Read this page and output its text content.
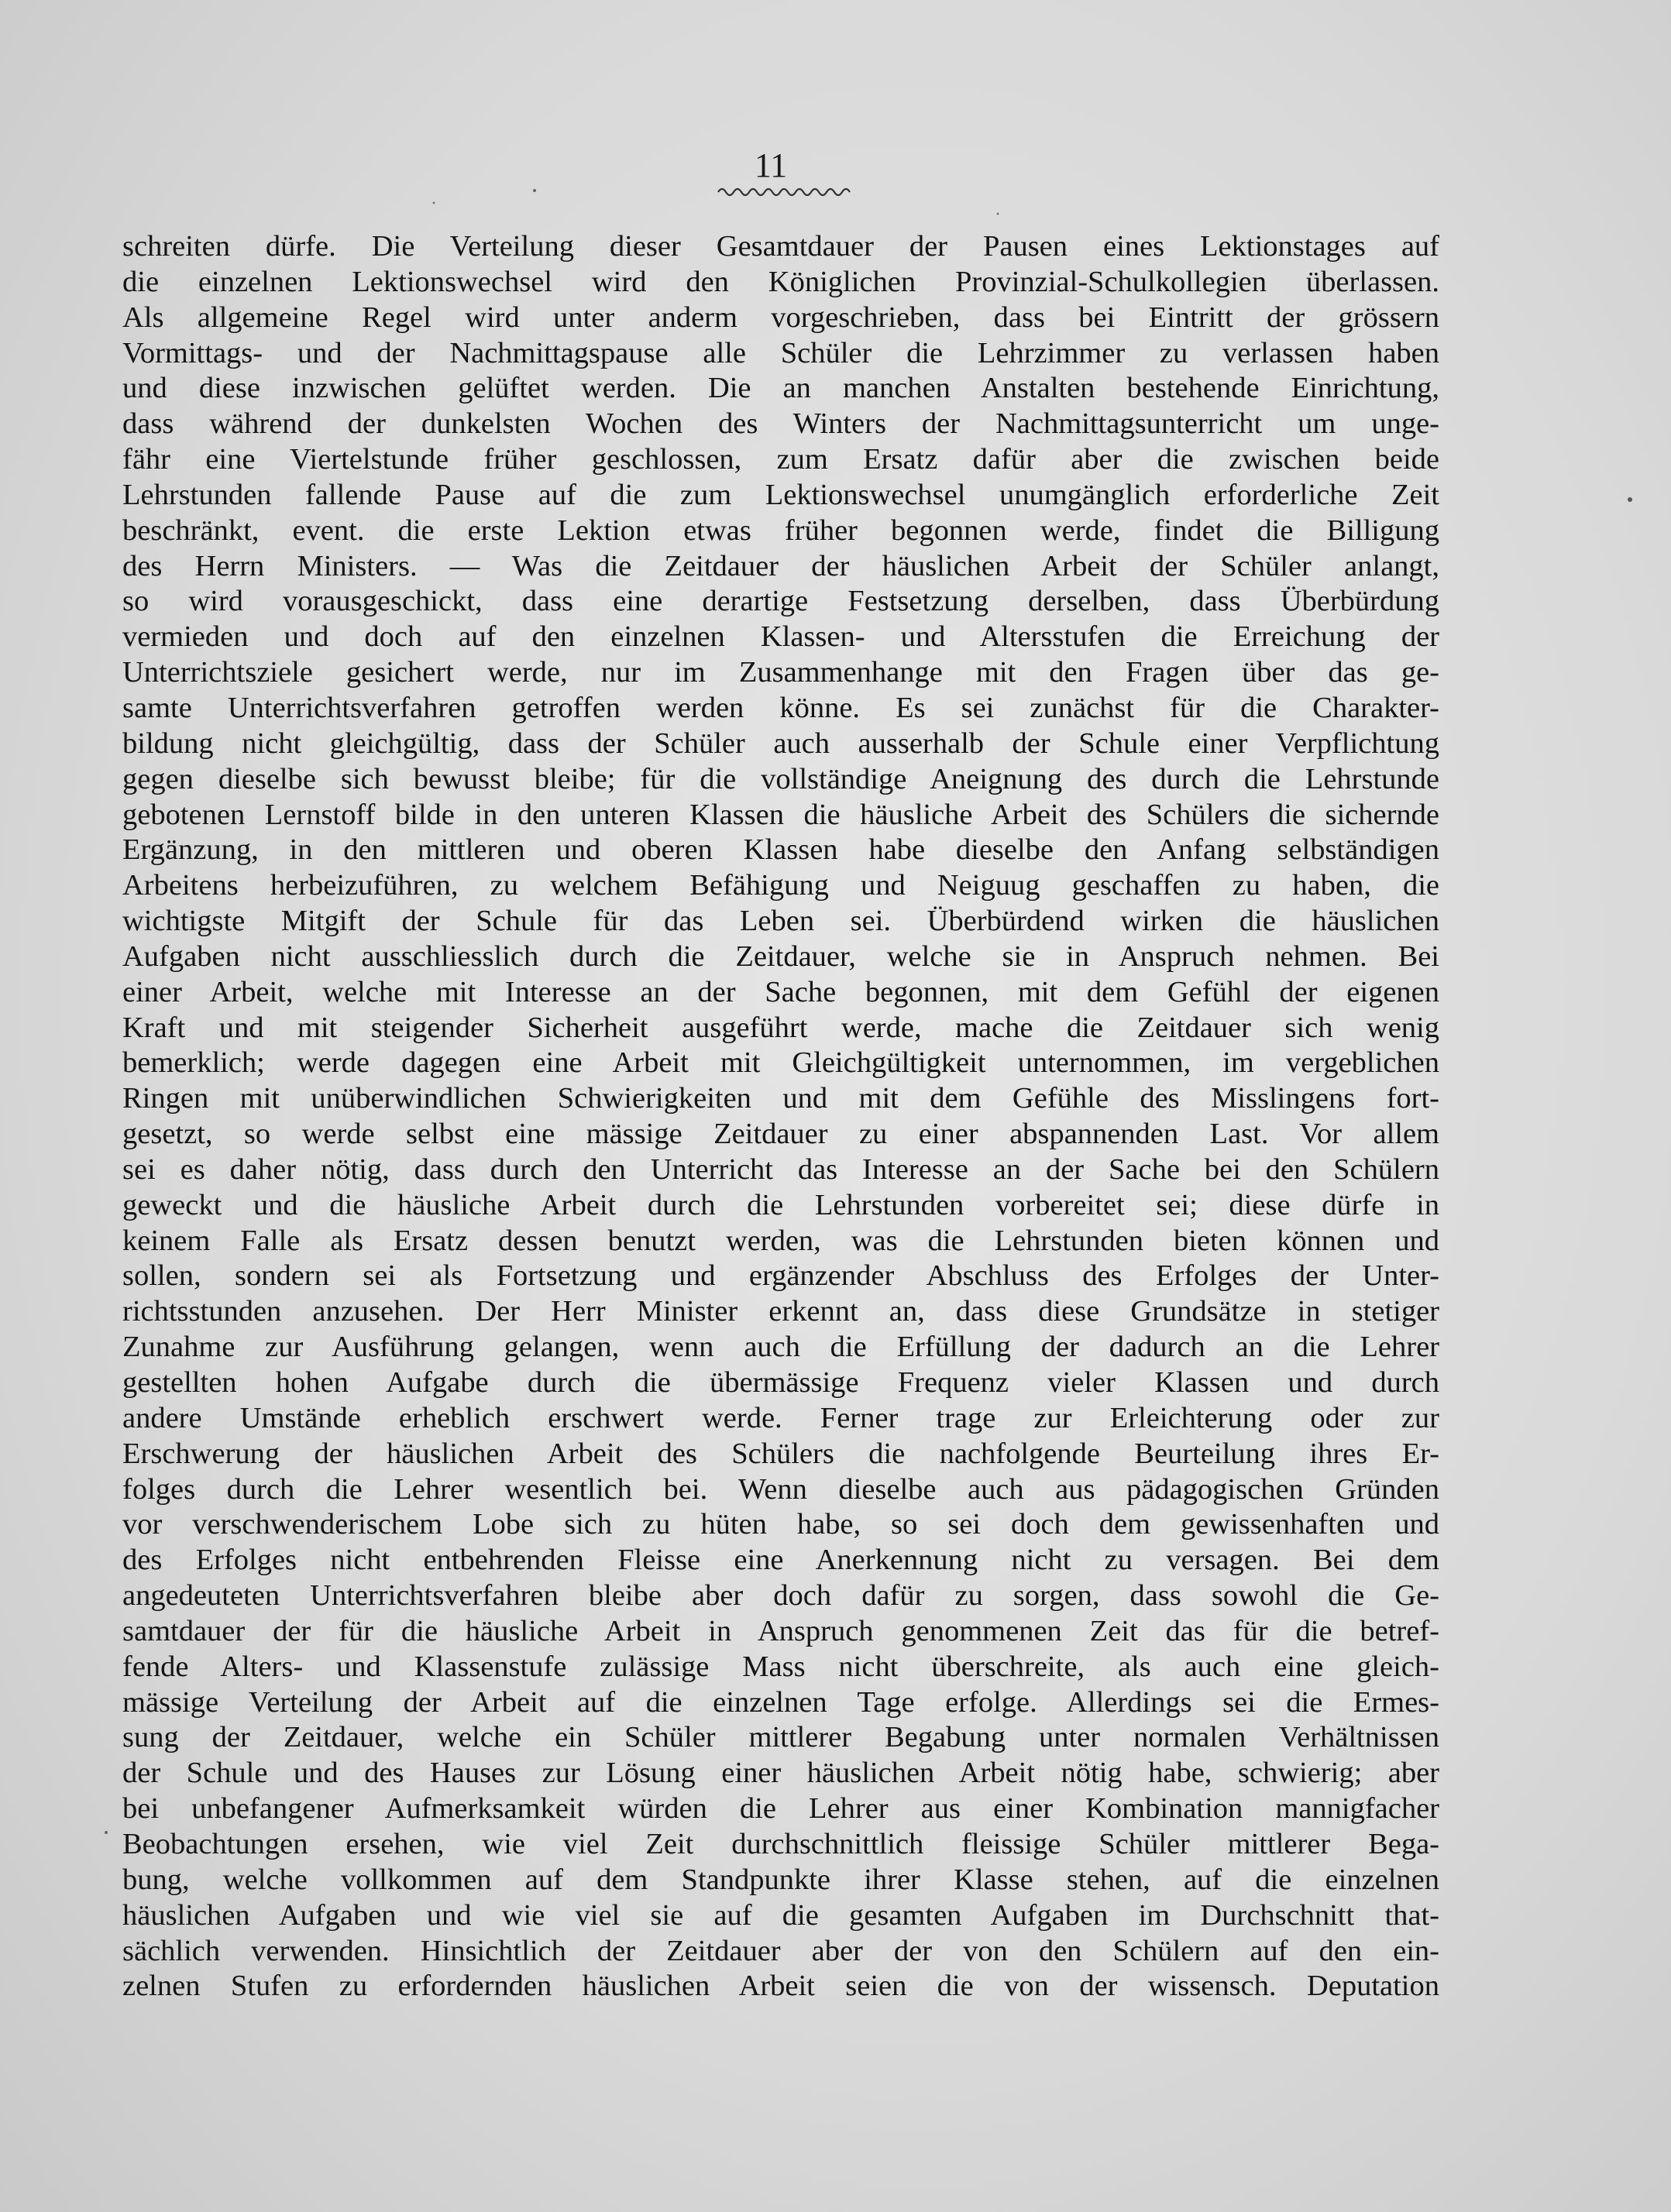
11
schreiten dürfe. Die Verteilung dieser Gesamtdauer der Pausen eines Lektionstages auf
die einzelnen Lektionswechsel wird den Königlichen Provinzial-Schulkollegien überlassen.
Als allgemeine Regel wird unter anderm vorgeschrieben, dass bei Eintritt der grössern
Vormittags- und der Nachmittagspause alle Schüler die Lehrzimmer zu verlassen haben
und diese inzwischen gelüftet werden. Die an manchen Anstalten bestehende Einrichtung,
dass während der dunkelsten Wochen des Winters der Nachmittagsunterricht um unge-
fähr eine Viertelstunde früher geschlossen, zum Ersatz dafür aber die zwischen beide
Lehrstunden fallende Pause auf die zum Lektionswechsel unumgänglich erforderliche Zeit
beschränkt, event. die erste Lektion etwas früher begonnen werde, findet die Billigung
des Herrn Ministers. — Was die Zeitdauer der häuslichen Arbeit der Schüler anlangt,
so wird vorausgeschickt, dass eine derartige Festsetzung derselben, dass Überbürdung
vermieden und doch auf den einzelnen Klassen- und Altersstufen die Erreichung der
Unterrichtsziele gesichert werde, nur im Zusammenhange mit den Fragen über das ge-
samte Unterrichtsverfahren getroffen werden könne. Es sei zunächst für die Charakter-
bildung nicht gleichgültig, dass der Schüler auch ausserhalb der Schule einer Verpflichtung
gegen dieselbe sich bewusst bleibe; für die vollständige Aneignung des durch die Lehrstunde
gebotenen Lernstoff bilde in den unteren Klassen die häusliche Arbeit des Schülers die sichernde
Ergänzung, in den mittleren und oberen Klassen habe dieselbe den Anfang selbständigen
Arbeitens herbeizuführen, zu welchem Befähigung und Neiguug geschaffen zu haben, die
wichtigste Mitgift der Schule für das Leben sei. Überbürdend wirken die häuslichen
Aufgaben nicht ausschliesslich durch die Zeitdauer, welche sie in Anspruch nehmen. Bei
einer Arbeit, welche mit Interesse an der Sache begonnen, mit dem Gefühl der eigenen
Kraft und mit steigender Sicherheit ausgeführt werde, mache die Zeitdauer sich wenig
bemerklich; werde dagegen eine Arbeit mit Gleichgültigkeit unternommen, im vergeblichen
Ringen mit unüberwindlichen Schwierigkeiten und mit dem Gefühle des Misslingens fort-
gesetzt, so werde selbst eine mässige Zeitdauer zu einer abspannenden Last. Vor allem
sei es daher nötig, dass durch den Unterricht das Interesse an der Sache bei den Schülern
geweckt und die häusliche Arbeit durch die Lehrstunden vorbereitet sei; diese dürfe in
keinem Falle als Ersatz dessen benutzt werden, was die Lehrstunden bieten können und
sollen, sondern sei als Fortsetzung und ergänzender Abschluss des Erfolges der Unter-
richtsstunden anzusehen. Der Herr Minister erkennt an, dass diese Grundsätze in stetiger
Zunahme zur Ausführung gelangen, wenn auch die Erfüllung der dadurch an die Lehrer
gestellten hohen Aufgabe durch die übermässige Frequenz vieler Klassen und durch
andere Umstände erheblich erschwert werde. Ferner trage zur Erleichterung oder zur
Erschwerung der häuslichen Arbeit des Schülers die nachfolgende Beurteilung ihres Er-
folges durch die Lehrer wesentlich bei. Wenn dieselbe auch aus pädagogischen Gründen
vor verschwenderischem Lobe sich zu hüten habe, so sei doch dem gewissenhaften und
des Erfolges nicht entbehrenden Fleisse eine Anerkennung nicht zu versagen. Bei dem
angedeuteten Unterrichtsverfahren bleibe aber doch dafür zu sorgen, dass sowohl die Ge-
samtdauer der für die häusliche Arbeit in Anspruch genommenen Zeit das für die betref-
fende Alters- und Klassenstufe zulässige Mass nicht überschreite, als auch eine gleich-
mässige Verteilung der Arbeit auf die einzelnen Tage erfolge. Allerdings sei die Ermes-
sung der Zeitdauer, welche ein Schüler mittlerer Begabung unter normalen Verhältnissen
der Schule und des Hauses zur Lösung einer häuslichen Arbeit nötig habe, schwierig; aber
bei unbefangener Aufmerksamkeit würden die Lehrer aus einer Kombination mannigfacher
Beobachtungen ersehen, wie viel Zeit durchschnittlich fleissige Schüler mittlerer Bega-
bung, welche vollkommen auf dem Standpunkte ihrer Klasse stehen, auf die einzelnen
häuslichen Aufgaben und wie viel sie auf die gesamten Aufgaben im Durchschnitt that-
sächlich verwenden. Hinsichtlich der Zeitdauer aber der von den Schülern auf den ein-
zelnen Stufen zu erfordernden häuslichen Arbeit seien die von der wissensch. Deputation
